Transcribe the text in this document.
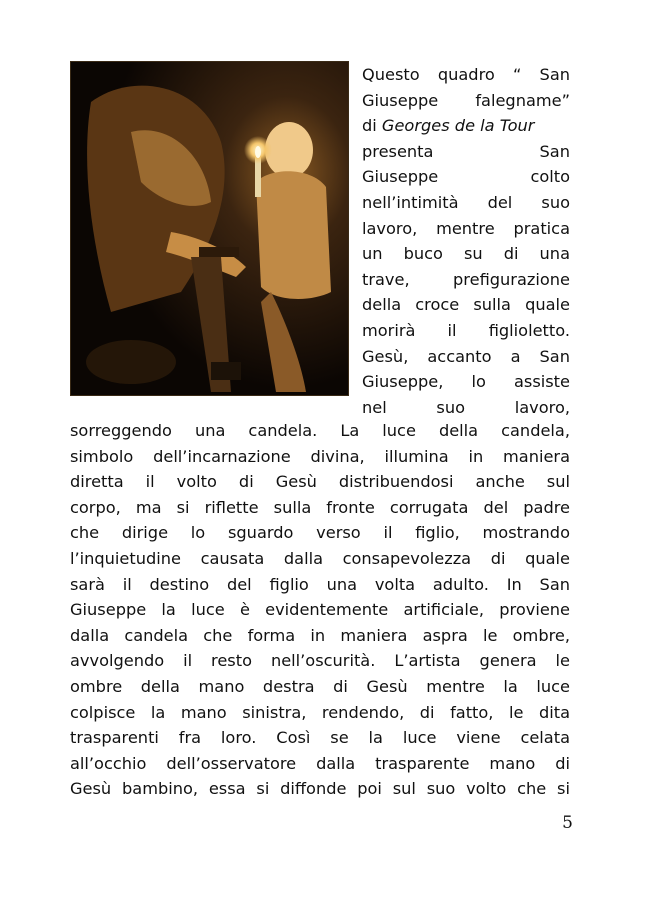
Questo quadro “ San
Giuseppe falegname”
di Georges de la Tour
presenta San
Giuseppe colto
nell’intimità del suo
lavoro, mentre pratica
un buco su di una
trave, prefigurazione
della croce sulla quale
morirà il figlioletto.
Gesù, accanto a San
Giuseppe, lo assiste
nel suo lavoro,
sorreggendo una candela. La luce della candela,
simbolo dell’incarnazione divina, illumina in maniera
diretta il volto di Gesù distribuendosi anche sul
corpo, ma si riflette sulla fronte corrugata del padre
che dirige lo sguardo verso il figlio, mostrando
l’inquietudine causata dalla consapevolezza di quale
sarà il destino del figlio una volta adulto. In San
Giuseppe la luce è evidentemente artificiale, proviene
dalla candela che forma in maniera aspra le ombre,
avvolgendo il resto nell’oscurità. L’artista genera le
ombre della mano destra di Gesù mentre la luce
colpisce la mano sinistra, rendendo, di fatto, le dita
trasparenti fra loro. Così se la luce viene celata
all’occhio dell’osservatore dalla trasparente mano di
Gesù bambino, essa si diffonde poi sul suo volto che si
5
